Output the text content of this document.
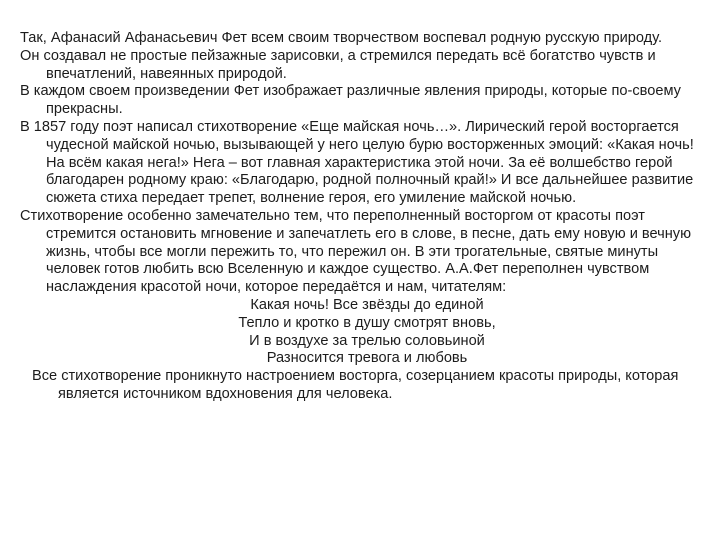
Так, Афанасий Афанасьевич Фет всем своим творчеством воспевал родную русскую природу.

Он создавал не простые пейзажные зарисовки, а стремился передать всё богатство чувств и впечатлений, навеянных природой.

В каждом своем произведении Фет изображает различные явления природы, которые по-своему прекрасны.

В 1857 году поэт написал стихотворение «Еще майская ночь…». Лирический герой восторгается чудесной майской ночью, вызывающей у него целую бурю восторженных эмоций: «Какая ночь! На всём какая нега!» Нега – вот главная характеристика этой ночи. За её волшебство герой благодарен родному краю: «Благодарю, родной полночный край!» И все дальнейшее развитие сюжета стиха передает трепет, волнение героя, его умиление майской ночью.

Стихотворение особенно замечательно тем, что переполненный восторгом от красоты поэт стремится остановить мгновение и запечатлеть его в слове, в песне, дать ему новую и вечную жизнь, чтобы все могли пережить то, что пережил он. В эти трогательные, святые минуты человек готов любить всю Вселенную и каждое существо. А.А.Фет переполнен чувством наслаждения красотой ночи, которое передаётся и нам, читателям:

Какая ночь! Все звёзды до единой
Тепло и кротко в душу смотрят вновь,
И в воздухе за трелью соловьиной
Разносится тревога и любовь

Все стихотворение проникнуто настроением восторга, созерцанием красоты природы, которая является источником вдохновения для человека.
